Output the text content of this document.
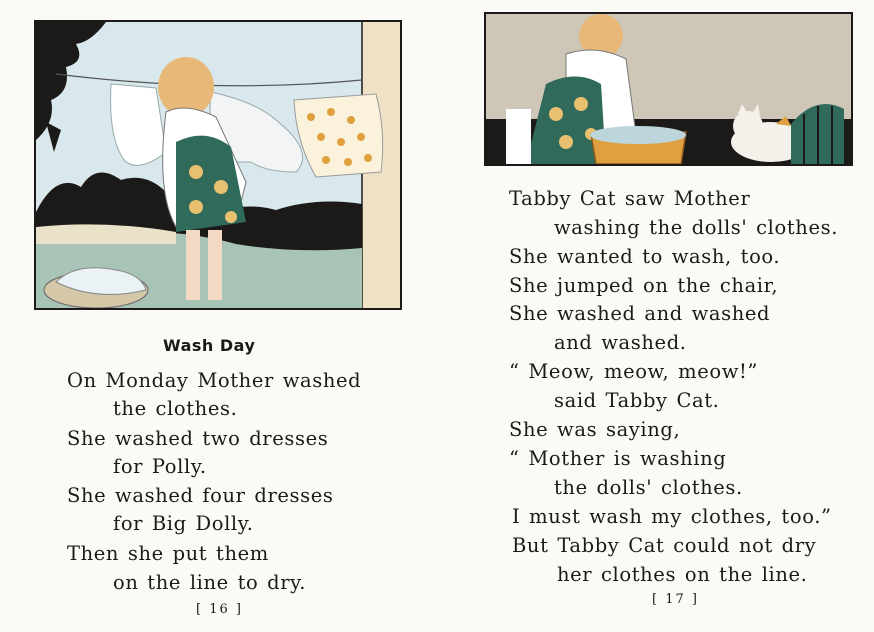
Wash Day
On Monday Mother washed
the clothes.
She washed two dresses
for Polly.
She washed four dresses
for Big Dolly.
Then she put them
on the line to dry.
[ 16 ]
Tabby Cat saw Mother
washing the dolls' clothes.
She wanted to wash, too.
She jumped on the chair,
She washed and washed
and washed.
“ Meow, meow, meow!”
said Tabby Cat.
She was saying,
“ Mother is washing
the dolls' clothes.
I must wash my clothes, too.”
But Tabby Cat could not dry
her clothes on the line.
[ 17 ]
